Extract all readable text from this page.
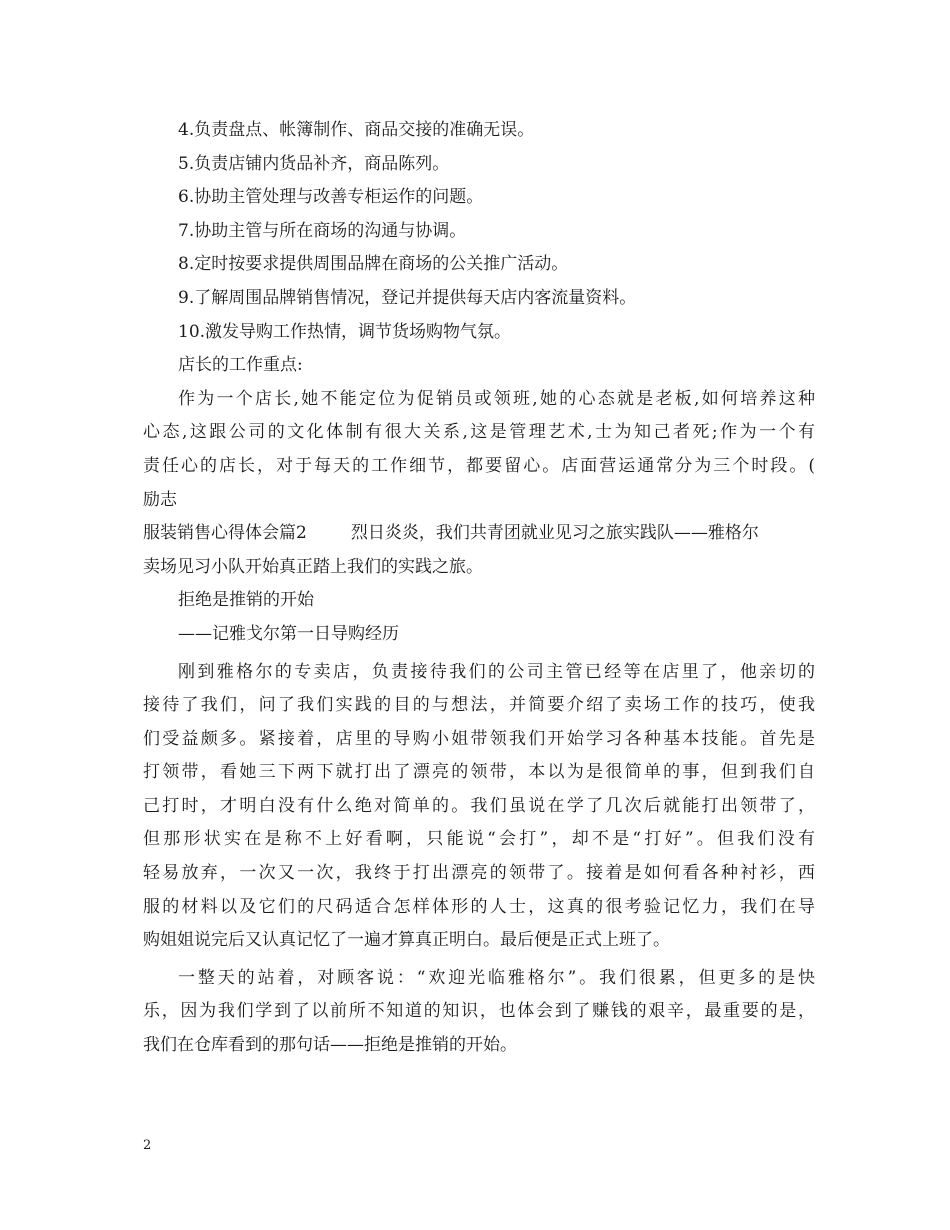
4.负责盘点、帐簿制作、商品交接的准确无误。

5.负责店铺内货品补齐，商品陈列。

6.协助主管处理与改善专柜运作的问题。

7.协助主管与所在商场的沟通与协调。

8.定时按要求提供周围品牌在商场的公关推广活动。

9.了解周围品牌销售情况，登记并提供每天店内客流量资料。

10.激发导购工作热情，调节货场购物气氛。

店长的工作重点:

作为一个店长,她不能定位为促销员或领班,她的心态就是老板,如何培养这种

心态,这跟公司的文化体制有很大关系,这是管理艺术,士为知己者死;作为一个有

责任心的店长，对于每天的工作细节，都要留心。店面营运通常分为三个时段。(

励志

服装销售心得体会篇2	烈日炎炎，我们共青团就业见习之旅实践队——雅格尔

卖场见习小队开始真正踏上我们的实践之旅。

拒绝是推销的开始

——记雅戈尔第一日导购经历

刚到雅格尔的专卖店，负责接待我们的公司主管已经等在店里了，他亲切的

接待了我们，问了我们实践的目的与想法，并简要介绍了卖场工作的技巧，使我

们受益颇多。紧接着，店里的导购小姐带领我们开始学习各种基本技能。首先是

打领带，看她三下两下就打出了漂亮的领带，本以为是很简单的事，但到我们自

己打时，才明白没有什么绝对简单的。我们虽说在学了几次后就能打出领带了，

但那形状实在是称不上好看啊，只能说“会打”，却不是“打好”。但我们没有

轻易放弃，一次又一次，我终于打出漂亮的领带了。接着是如何看各种衬衫，西

服的材料以及它们的尺码适合怎样体形的人士，这真的很考验记忆力，我们在导

购姐姐说完后又认真记忆了一遍才算真正明白。最后便是正式上班了。

一整天的站着，对顾客说：“欢迎光临雅格尔”。我们很累，但更多的是快

乐，因为我们学到了以前所不知道的知识，也体会到了赚钱的艰辛，最重要的是，

我们在仓库看到的那句话——拒绝是推销的开始。

2
